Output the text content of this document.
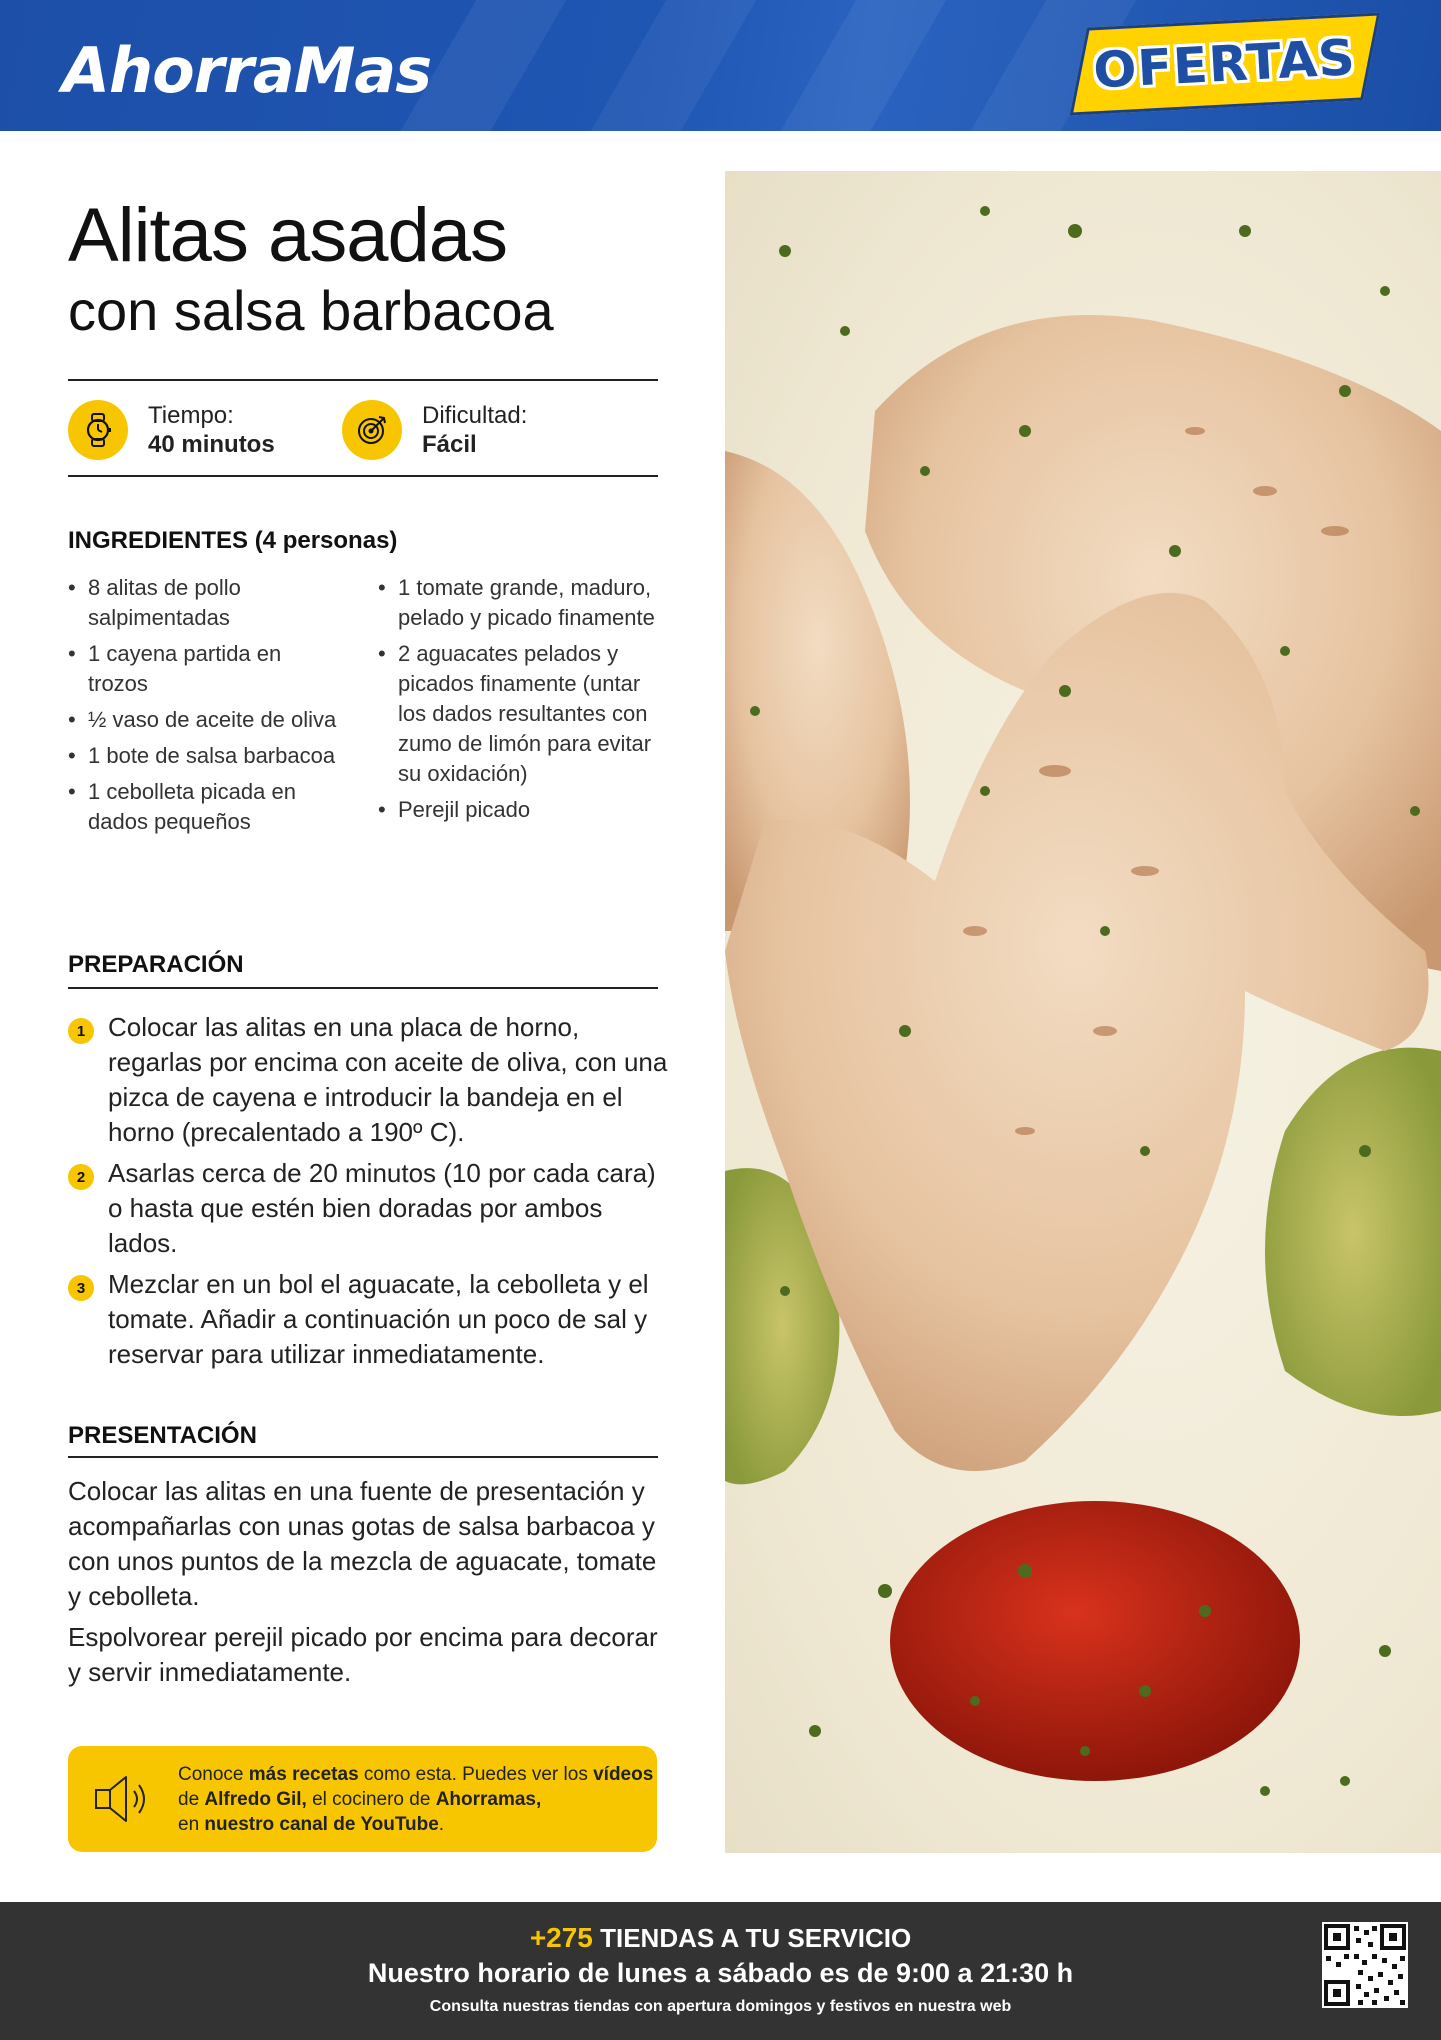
AhorraMas	OFERTAS
Alitas asadas
con salsa barbacoa
Tiempo:
40 minutos
Dificultad:
Fácil
INGREDIENTES (4 personas)
• 8 alitas de pollo salpimentadas
• 1 cayena partida en trozos
• ½ vaso de aceite de oliva
• 1 bote de salsa barbacoa
• 1 cebolleta picada en dados pequeños
• 1 tomate grande, maduro, pelado y picado finamente
• 2 aguacates pelados y picados finamente (untar los dados resultantes con zumo de limón para evitar su oxidación)
• Perejil picado
PREPARACIÓN
1 Colocar las alitas en una placa de horno, regarlas por encima con aceite de oliva, con una pizca de cayena e introducir la bandeja en el horno (precalentado a 190º C).
2 Asarlas cerca de 20 minutos (10 por cada cara) o hasta que estén bien doradas por ambos lados.
3 Mezclar en un bol el aguacate, la cebolleta y el tomate. Añadir a continuación un poco de sal y reservar para utilizar inmediatamente.
PRESENTACIÓN

Colocar las alitas en una fuente de presentación y acompañarlas con unas gotas de salsa barbacoa y con unos puntos de la mezcla de aguacate, tomate y cebolleta.

Espolvorear perejil picado por encima para decorar y servir inmediatamente.

Conoce más recetas como esta. Puedes ver los vídeos de Alfredo Gil, el cocinero de Ahorramas,
en nuestro canal de YouTube.
+275 TIENDAS A TU SERVICIO
Nuestro horario de lunes a sábado es de 9:00 a 21:30 h
Consulta nuestras tiendas con apertura domingos y festivos en nuestra web
